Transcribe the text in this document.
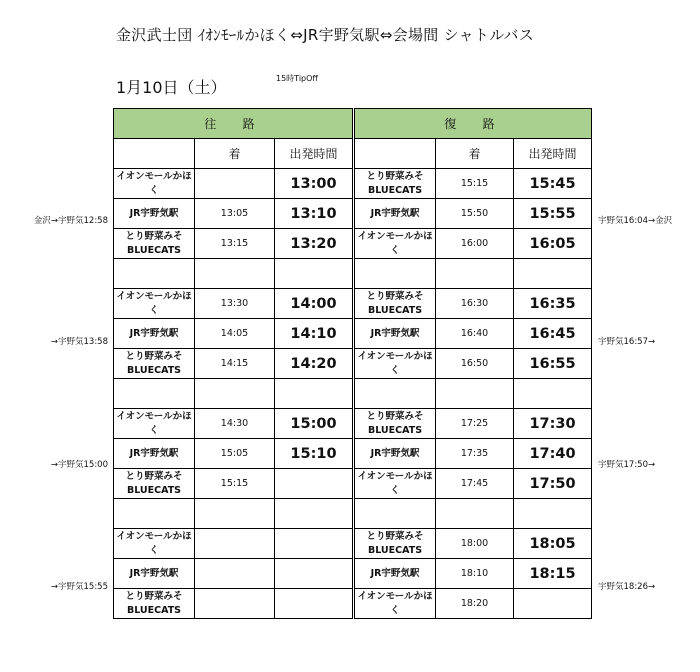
金沢武士団 ｲｵﾝﾓｰﾙかほく⇔JR宇野気駅⇔会場間 シャトルバス
1月10日（土）	15時TipOff
往　路				復　路		
	着	出発時間			着	出発時間
イオンモールかほく		13:00		とり野菜みそBLUECATS	15:15	15:45
JR宇野気駅	13:05	13:10		JR宇野気駅	15:50	15:55
とり野菜みそBLUECATS	13:15	13:20		イオンモールかほく	16:00	16:05

イオンモールかほく	13:30	14:00		とり野菜みそBLUECATS	16:30	16:35
JR宇野気駅	14:05	14:10		JR宇野気駅	16:40	16:45
とり野菜みそBLUECATS	14:15	14:20		イオンモールかほく	16:50	16:55

イオンモールかほく	14:30	15:00		とり野菜みそBLUECATS	17:25	17:30
JR宇野気駅	15:05	15:10		JR宇野気駅	17:35	17:40
とり野菜みそBLUECATS	15:15			イオンモールかほく	17:45	17:50

イオンモールかほく				とり野菜みそBLUECATS	18:00	18:05
JR宇野気駅				JR宇野気駅	18:10	18:15
とり野菜みそBLUECATS				イオンモールかほく	18:20	
金沢→宇野気12:58
→宇野気13:58
→宇野気15:00
→宇野気15:55
宇野気16:04→金沢
宇野気16:57→
宇野気17:50→
宇野気18:26→
